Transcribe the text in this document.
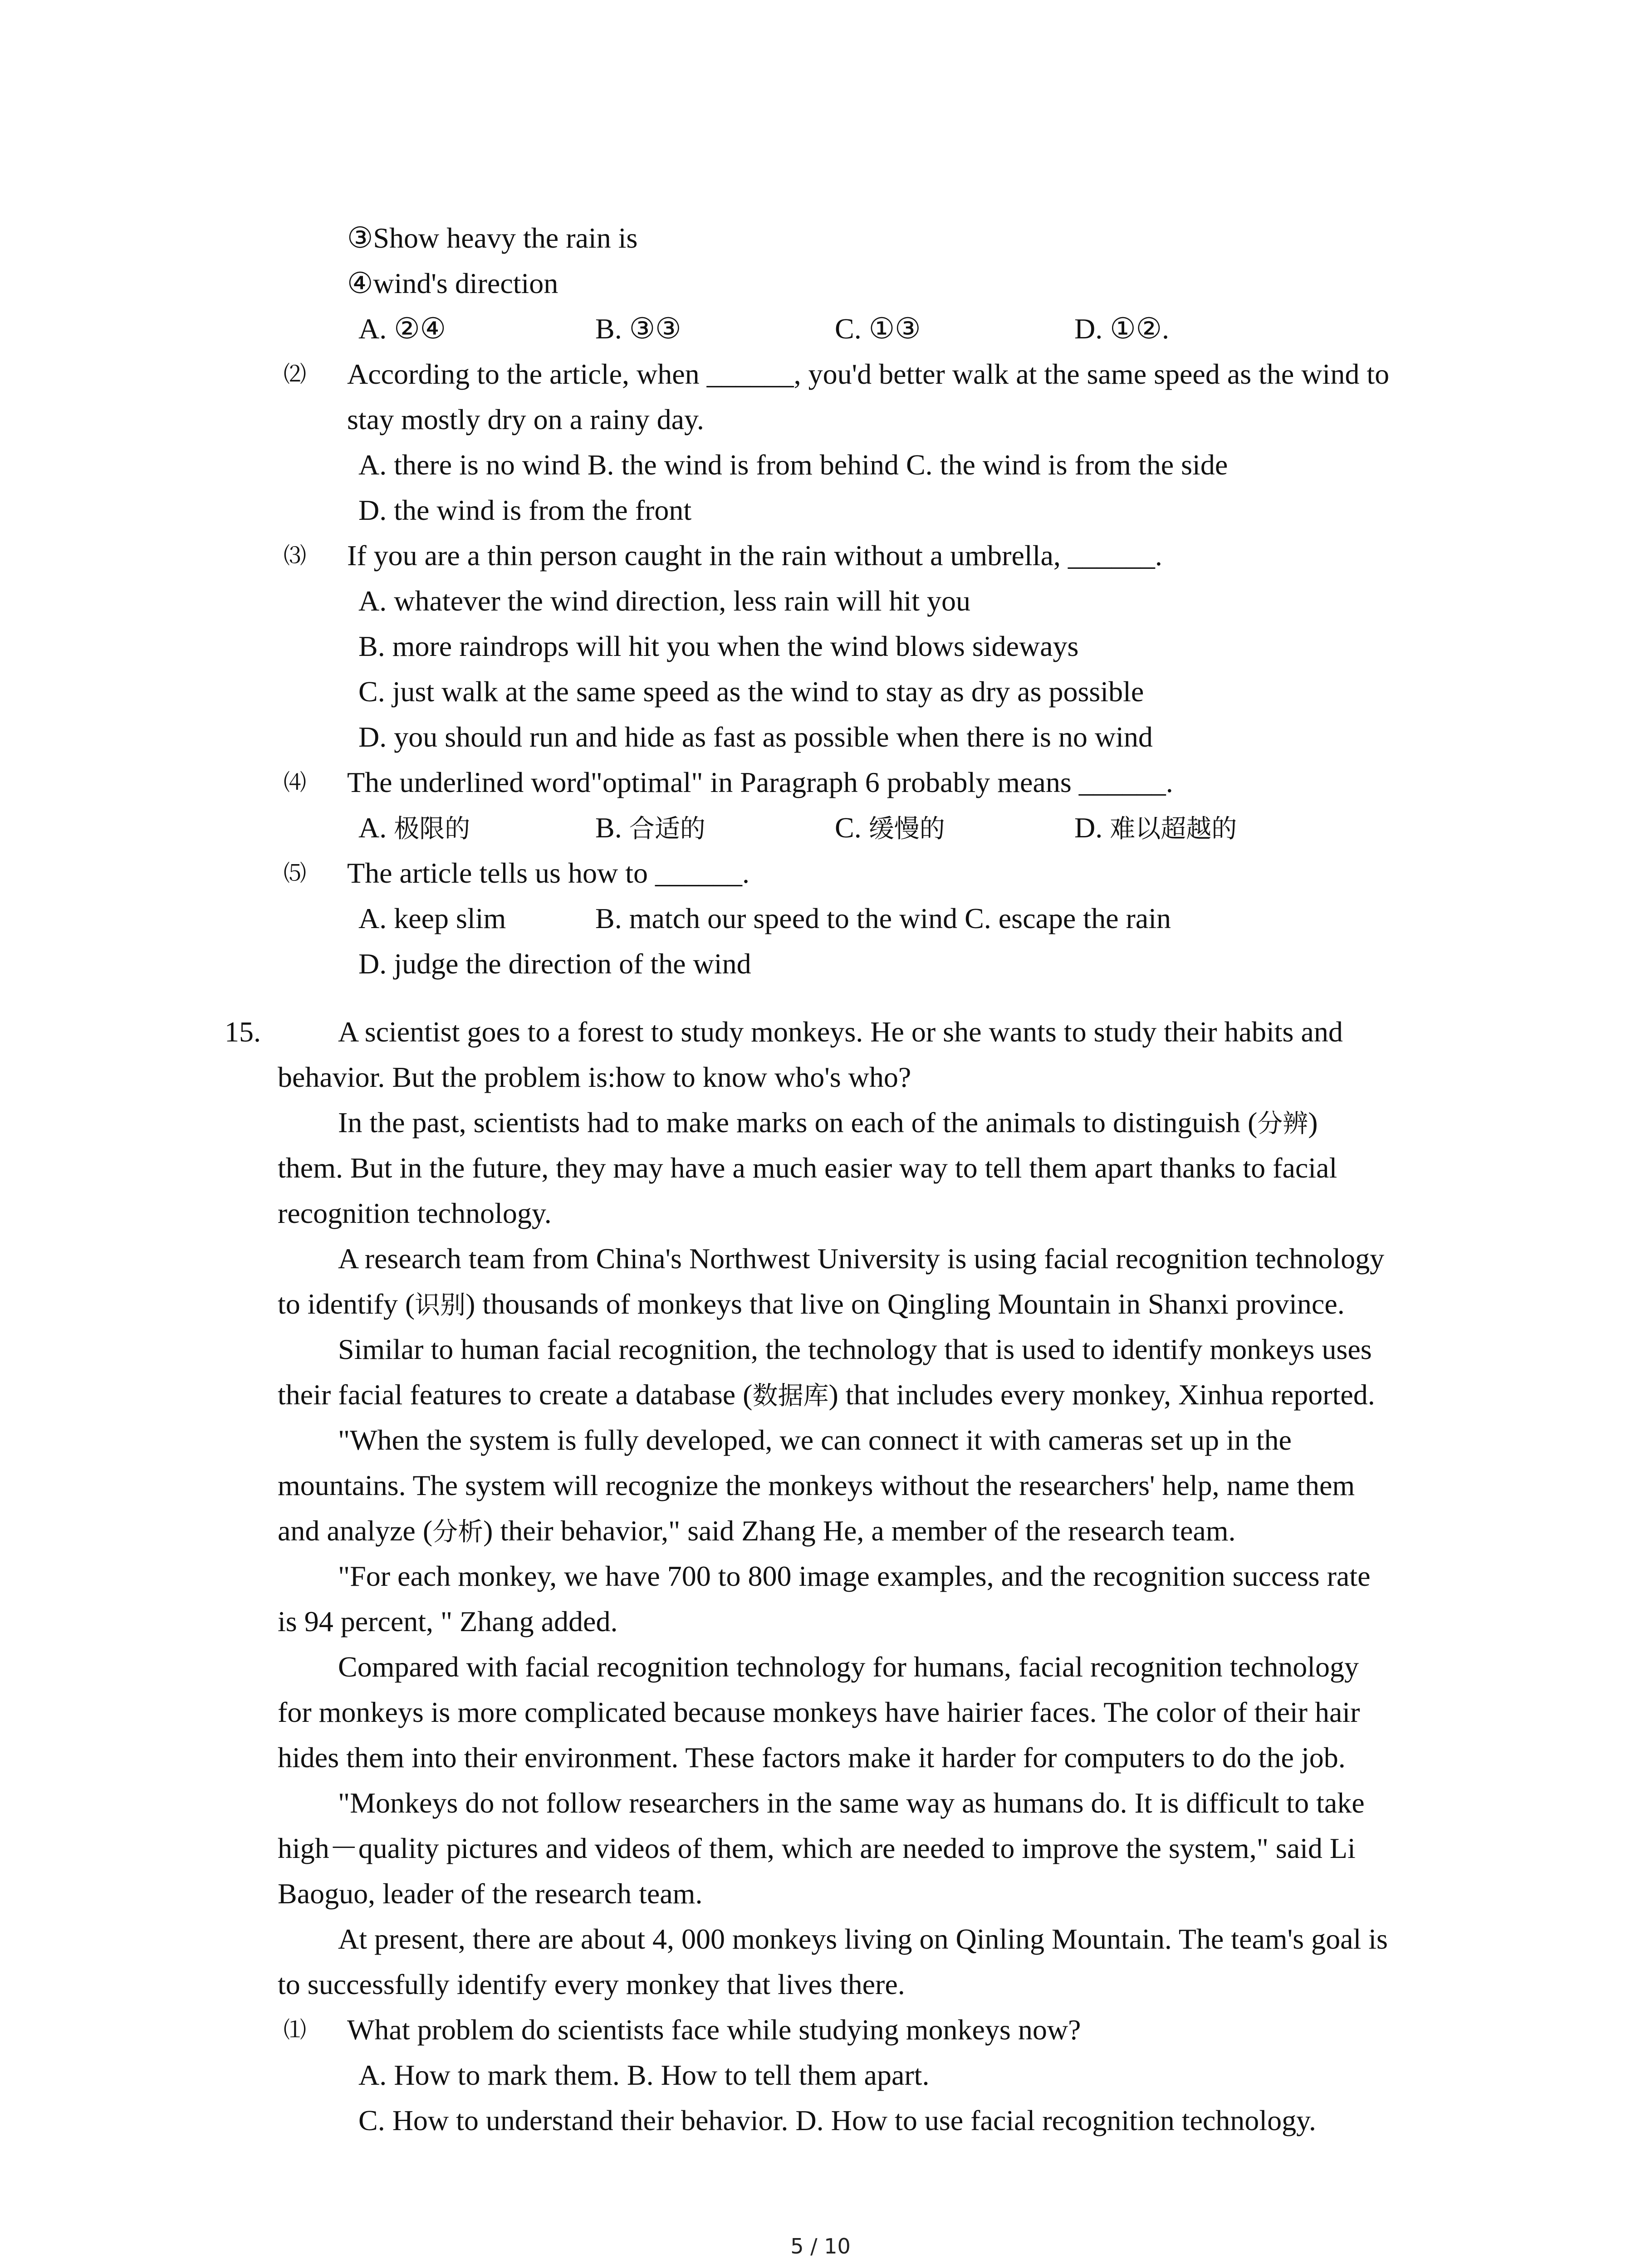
③Show heavy the rain is
④wind's direction
A. ②④	B. ③③	C. ①③	D. ①②.
⑵ According to the article, when ______, you'd better walk at the same speed as the wind to
stay mostly dry on a rainy day.
A. there is no wind B. the wind is from behind C. the wind is from the side
D. the wind is from the front
⑶ If you are a thin person caught in the rain without a umbrella, ______.
A. whatever the wind direction, less rain will hit you
B. more raindrops will hit you when the wind blows sideways
C. just walk at the same speed as the wind to stay as dry as possible
D. you should run and hide as fast as possible when there is no wind
⑷ The underlined word"optimal" in Paragraph 6 probably means ______.
A. 极限的	B. 合适的	C. 缓慢的	D. 难以超越的
⑸ The article tells us how to ______.
A. keep slim	B. match our speed to the wind C. escape the rain
D. judge the direction of the wind
15.	A scientist goes to a forest to study monkeys. He or she wants to study their habits and
behavior. But the problem is:how to know who's who?
In the past, scientists had to make marks on each of the animals to distinguish (分辨)
them. But in the future, they may have a much easier way to tell them apart thanks to facial
recognition technology.
A research team from China's Northwest University is using facial recognition technology
to identify (识别) thousands of monkeys that live on Qingling Mountain in Shanxi province.
Similar to human facial recognition, the technology that is used to identify monkeys uses
their facial features to create a database (数据库) that includes every monkey, Xinhua reported.
"When the system is fully developed, we can connect it with cameras set up in the
mountains. The system will recognize the monkeys without the researchers' help, name them
and analyze (分析) their behavior," said Zhang He, a member of the research team.
"For each monkey, we have 700 to 800 image examples, and the recognition success rate
is 94 percent, " Zhang added.
Compared with facial recognition technology for humans, facial recognition technology
for monkeys is more complicated because monkeys have hairier faces. The color of their hair
hides them into their environment. These factors make it harder for computers to do the job.
"Monkeys do not follow researchers in the same way as humans do. It is difficult to take
high－quality pictures and videos of them, which are needed to improve the system," said Li
Baoguo, leader of the research team.
At present, there are about 4, 000 monkeys living on Qinling Mountain. The team's goal is
to successfully identify every monkey that lives there.
⑴ What problem do scientists face while studying monkeys now?
A. How to mark them. B. How to tell them apart.
C. How to understand their behavior. D. How to use facial recognition technology.
5 / 10
